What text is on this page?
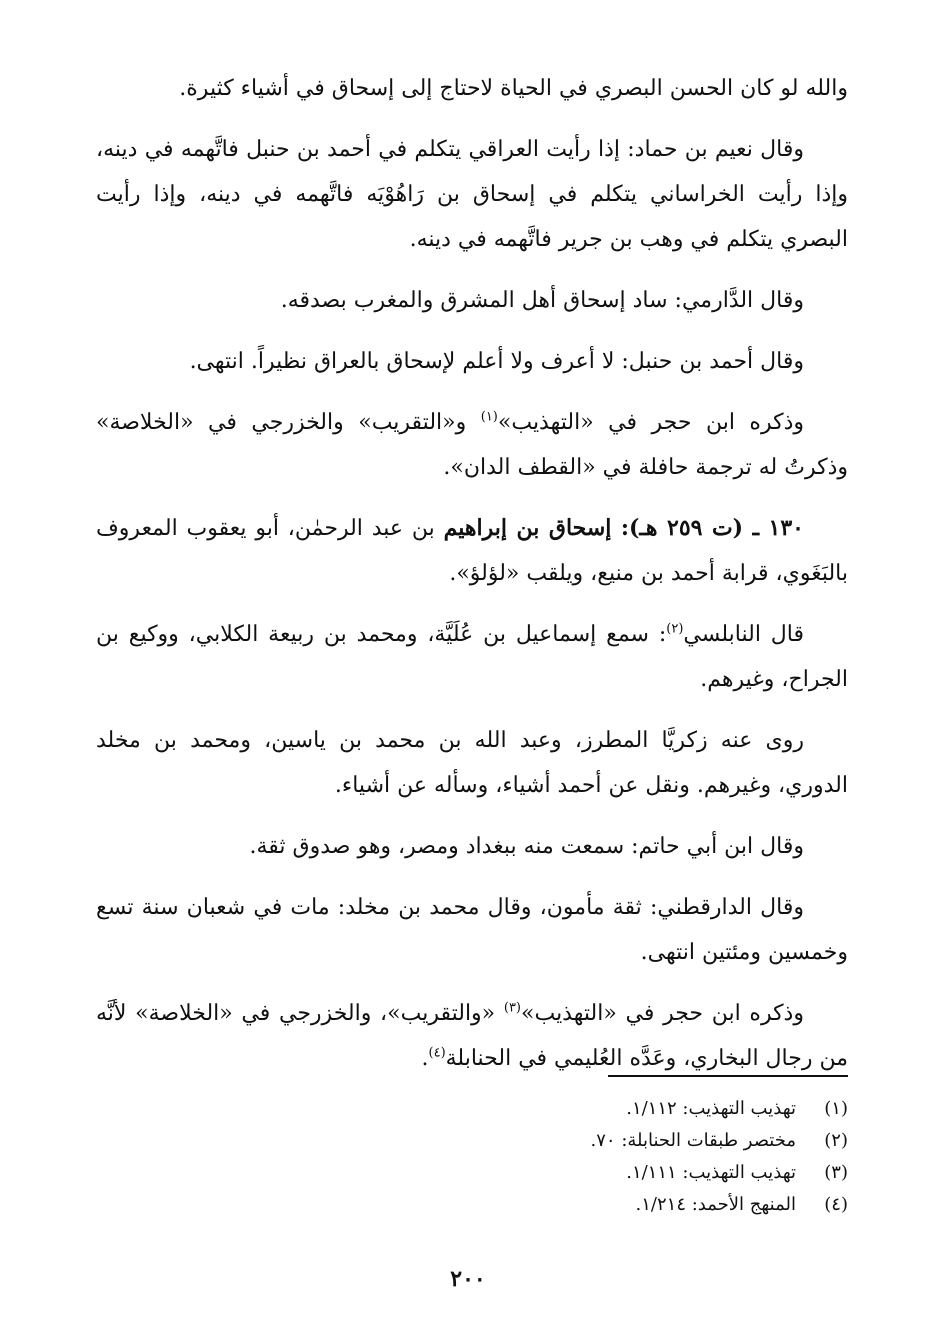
والله لو كان الحسن البصري في الحياة لاحتاج إلى إسحاق في أشياء كثيرة.

وقال نعيم بن حماد: إذا رأيت العراقي يتكلم في أحمد بن حنبل فاتَّهمه في دينه، وإذا رأيت الخراساني يتكلم في إسحاق بن رَاهُوْيَه فاتَّهمه في دينه، وإذا رأيت البصري يتكلم في وهب بن جرير فاتَّهمه في دينه.

وقال الدَّارمي: ساد إسحاق أهل المشرق والمغرب بصدقه.

وقال أحمد بن حنبل: لا أعرف ولا أعلم لإسحاق بالعراق نظيراً. انتهى.

وذكره ابن حجر في «التهذيب»$^{(١)}$ و«التقريب» والخزرجي في «الخلاصة» وذكرتُ له ترجمة حافلة في «القطف الدان».

١٣٠ ـ (ت ٢٥٩ هـ): إسحاق بن إبراهيم بن عبد الرحمٰن، أبو يعقوب المعروف بالبَغَوي، قرابة أحمد بن منيع، ويلقب «لؤلؤ».

قال النابلسي$^{(٢)}$: سمع إسماعيل بن عُلَيَّة، ومحمد بن ربيعة الكلابي، ووكيع بن الجراح، وغيرهم.

روى عنه زكريَّا المطرز، وعبد الله بن محمد بن ياسين، ومحمد بن مخلد الدوري، وغيرهم. ونقل عن أحمد أشياء، وسأله عن أشياء.

وقال ابن أبي حاتم: سمعت منه ببغداد ومصر، وهو صدوق ثقة.

وقال الدارقطني: ثقة مأمون، وقال محمد بن مخلد: مات في شعبان سنة تسع وخمسين ومئتين انتهى.

وذكره ابن حجر في «التهذيب»$^{(٣)}$ «والتقريب»، والخزرجي في «الخلاصة» لأنَّه من رجال البخاري، وعَدَّه العُليمي في الحنابلة$^{(٤)}$.

(١)
تهذيب التهذيب: ١/١١٢.
(٢)
مختصر طبقات الحنابلة: ٧٠.
(٣)
تهذيب التهذيب: ١/١١١.
(٤)
المنهج الأحمد: ١/٢١٤.
٢٠٠
